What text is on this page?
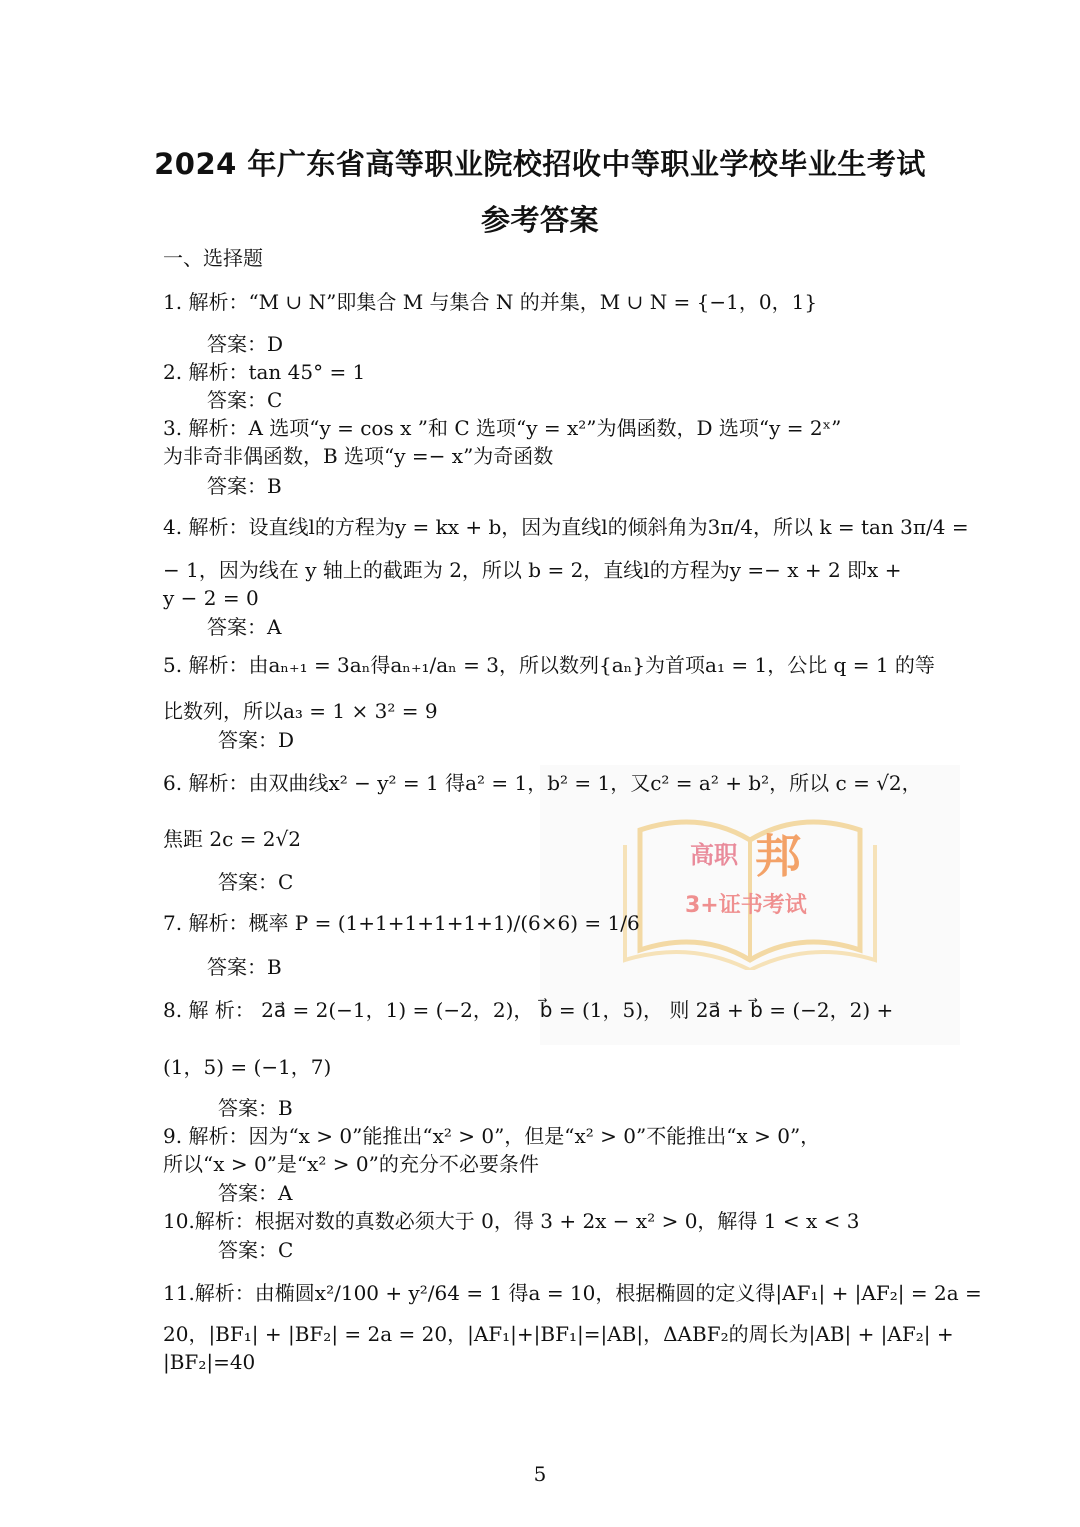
2024 年广东省高等职业院校招收中等职业学校毕业生考试
参考答案
一、选择题
1. 解析：“M ∪ N”即集合 M 与集合 N 的并集，M ∪ N = {−1，0，1}
答案：D
2. 解析：tan 45° = 1
答案：C
3. 解析：A 选项“y = cos x ”和 C 选项“y = x²”为偶函数，D 选项“y = 2ˣ”
为非奇非偶函数，B 选项“y =− x”为奇函数
答案：B
4. 解析：设直线l的方程为y = kx + b，因为直线l的倾斜角为3π/4，所以 k = tan 3π/4 =
− 1，因为线在 y 轴上的截距为 2，所以 b = 2，直线l的方程为y =− x + 2 即x +
y − 2 = 0
答案：A
5. 解析：由aₙ₊₁ = 3aₙ得aₙ₊₁/aₙ = 3，所以数列{aₙ}为首项a₁ = 1，公比 q = 1 的等
比数列，所以a₃ = 1 × 3² = 9
答案：D
高职 邦
3+证书考试
6. 解析：由双曲线x² − y² = 1 得a² = 1，b² = 1，又c² = a² + b²，所以 c = √2，
焦距 2c = 2√2
答案：C
7. 解析：概率 P = (1+1+1+1+1+1)/(6×6) = 1/6
答案：B
8. 解 析： 2a⃗ = 2(−1，1) = (−2，2)， b⃗ = (1，5)， 则 2a⃗ + b⃗ = (−2，2) +
(1，5) = (−1，7)
答案：B
9. 解析：因为“x > 0”能推出“x² > 0”，但是“x² > 0”不能推出“x > 0”，
所以“x > 0”是“x² > 0”的充分不必要条件
答案：A
10.解析：根据对数的真数必须大于 0，得 3 + 2x − x² > 0，解得 1 < x < 3
答案：C
11.解析：由椭圆x²/100 + y²/64 = 1 得a = 10，根据椭圆的定义得|AF₁| + |AF₂| = 2a =
20，|BF₁| + |BF₂| = 2a = 20，|AF₁|+|BF₁|=|AB|，ΔABF₂的周长为|AB| + |AF₂| +
|BF₂|=40
5
